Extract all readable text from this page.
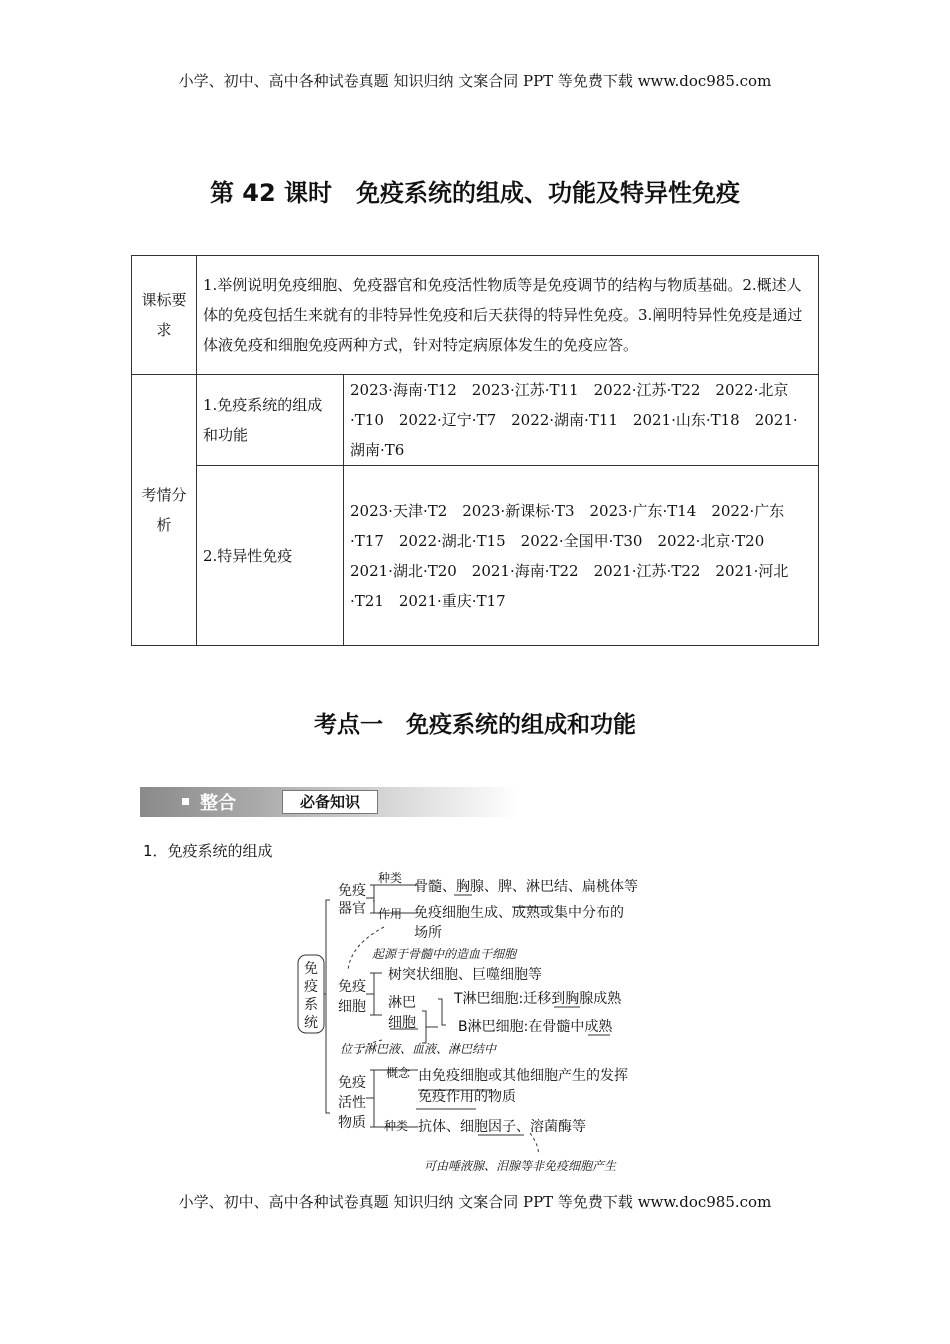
小学、初中、高中各种试卷真题 知识归纳 文案合同 PPT 等免费下载 www.doc985.com
第 42 课时　免疫系统的组成、功能及特异性免疫
课标要求	1.举例说明免疫细胞、免疫器官和免疫活性物质等是免疫调节的结构与物质基础。2.概述人体的免疫包括生来就有的非特异性免疫和后天获得的特异性免疫。3.阐明特异性免疫是通过体液免疫和细胞免疫两种方式，针对特定病原体发生的免疫应答。	
考情分析	1.免疫系统的组成和功能	2023·海南·T12　2023·江苏·T11　2022·江苏·T22　2022·北京·T10　2022·辽宁·T7　2022·湖南·T11　2021·山东·T18　2021·湖南·T6
	2.特异性免疫	2023·天津·T2　2023·新课标·T3　2023·广东·T14　2022·广东·T17　2022·湖北·T15　2022·全国甲·T30　2022·北京·T20　2021·湖北·T20　2021·海南·T22　2021·江苏·T22　2021·河北·T21　2021·重庆·T17
考点一　免疫系统的组成和功能
整合	必备知识
1．免疫系统的组成
免
疫
系
统
免疫
器官
种类
骨髓、胸腺、脾、淋巴结、扁桃体等
作用 免疫细胞生成、成熟或集中分布的
场所
起源于骨髓中的造血干细胞
免疫
细胞
树突状细胞、巨噬细胞等
淋巴
细胞
T淋巴细胞:迁移到胸腺成熟
B淋巴细胞:在骨髓中成熟
位于淋巴液、血液、淋巴结中
免疫
活性
物质
概念 由免疫细胞或其他细胞产生的发挥
免疫作用的物质
种类 抗体、细胞因子、溶菌酶等
可由唾液腺、泪腺等非免疫细胞产生
小学、初中、高中各种试卷真题 知识归纳 文案合同 PPT 等免费下载 www.doc985.com
